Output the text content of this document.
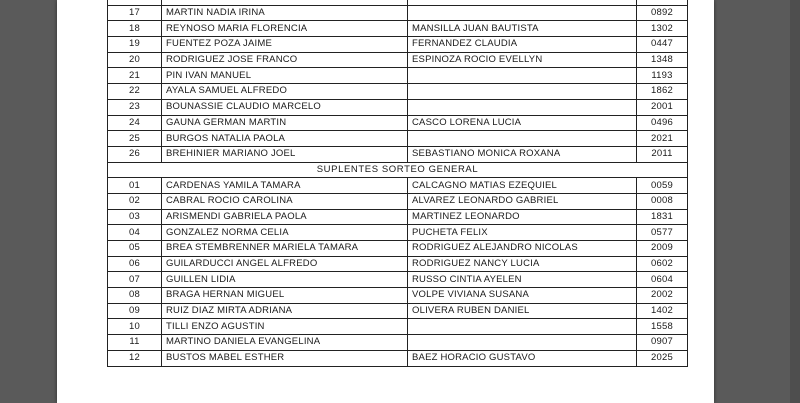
17	MARTIN NADIA IRINA		0892
18	REYNOSO MARIA FLORENCIA	MANSILLA JUAN BAUTISTA	1302
19	FUENTEZ POZA JAIME	FERNANDEZ CLAUDIA	0447
20	RODRIGUEZ JOSE FRANCO	ESPINOZA ROCIO EVELLYN	1348
21	PIN IVAN MANUEL		1193
22	AYALA SAMUEL ALFREDO		1862
23	BOUNASSIE CLAUDIO MARCELO		2001
24	GAUNA GERMAN MARTIN	CASCO LORENA LUCIA	0496
25	BURGOS NATALIA PAOLA		2021
26	BREHINIER MARIANO JOEL	SEBASTIANO MONICA ROXANA	2011
SUPLENTES SORTEO GENERAL			
01	CARDENAS YAMILA TAMARA	CALCAGNO MATIAS EZEQUIEL	0059
02	CABRAL ROCIO CAROLINA	ALVAREZ LEONARDO GABRIEL	0008
03	ARISMENDI GABRIELA PAOLA	MARTINEZ LEONARDO	1831
04	GONZALEZ NORMA CELIA	PUCHETA FELIX	0577
05	BREA STEMBRENNER MARIELA TAMARA	RODRIGUEZ ALEJANDRO NICOLAS	2009
06	GUILARDUCCI ANGEL ALFREDO	RODRIGUEZ NANCY LUCIA	0602
07	GUILLEN LIDIA	RUSSO CINTIA AYELEN	0604
08	BRAGA HERNAN MIGUEL	VOLPE VIVIANA SUSANA	2002
09	RUIZ DIAZ MIRTA ADRIANA	OLIVERA RUBEN DANIEL	1402
10	TILLI ENZO AGUSTIN		1558
11	MARTINO DANIELA EVANGELINA		0907
12	BUSTOS MABEL ESTHER	BAEZ HORACIO GUSTAVO	2025
